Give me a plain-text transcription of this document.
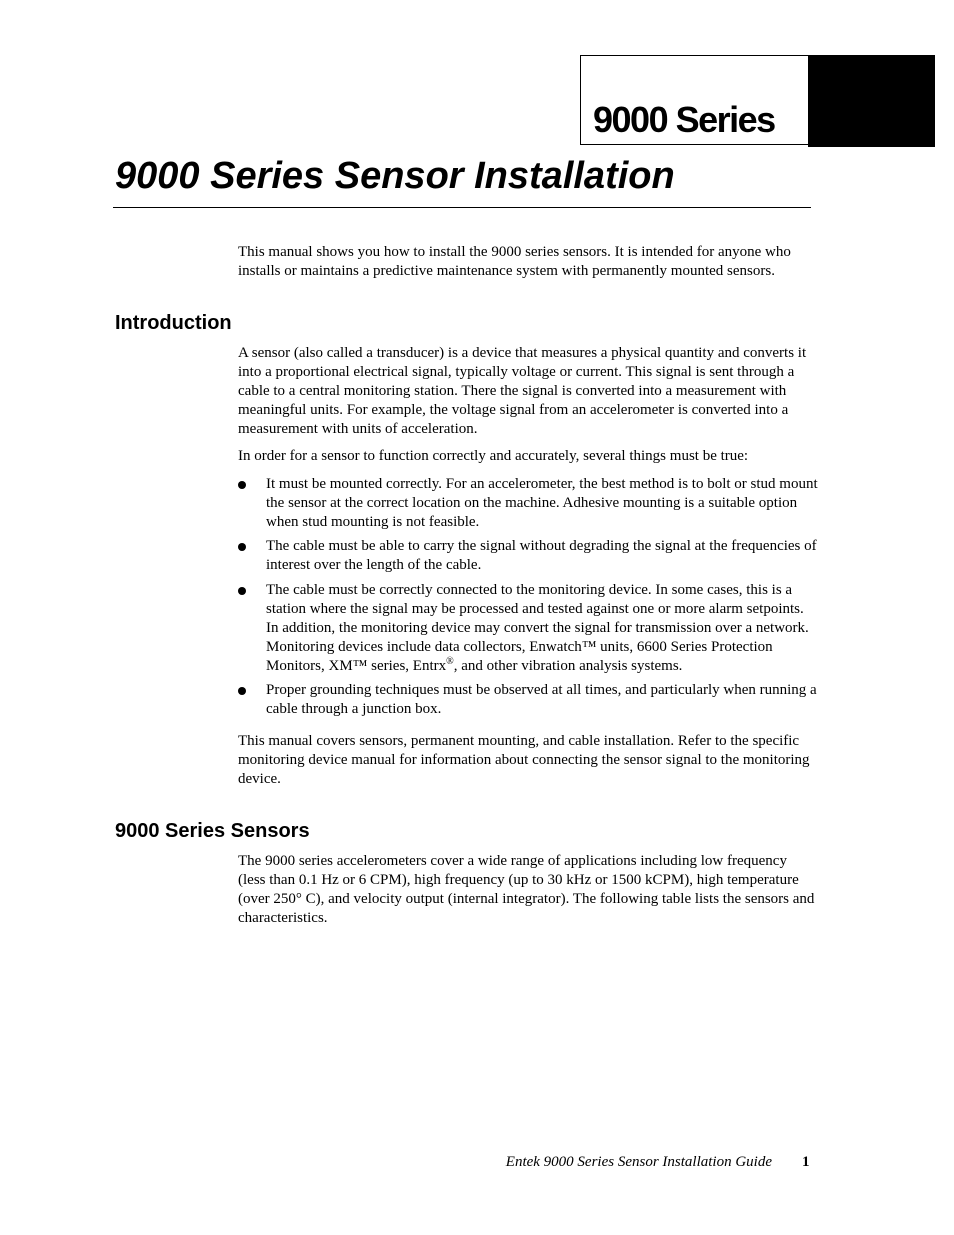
9000 Series
9000 Series Sensor Installation

This manual shows you how to install the 9000 series sensors. It is intended for anyone who installs or maintains a predictive maintenance system with permanently mounted sensors.

Introduction

A sensor (also called a transducer) is a device that measures a physical quantity and converts it into a proportional electrical signal, typically voltage or current. This signal is sent through a cable to a central monitoring station. There the signal is converted into a measurement with meaningful units. For example, the voltage signal from an accelerometer is converted into a measurement with units of acceleration.

In order for a sensor to function correctly and accurately, several things must be true:

It must be mounted correctly. For an accelerometer, the best method is to bolt or stud mount the sensor at the correct location on the machine. Adhesive mounting is a suitable option when stud mounting is not feasible.
The cable must be able to carry the signal without degrading the signal at the frequencies of interest over the length of the cable.
The cable must be correctly connected to the monitoring device. In some cases, this is a station where the signal may be processed and tested against one or more alarm setpoints. In addition, the monitoring device may convert the signal for transmission over a network. Monitoring devices include data collectors, Enwatch™ units, 6600 Series Protection Monitors, XM™ series, Entrx®, and other vibration analysis systems.
Proper grounding techniques must be observed at all times, and particularly when running a cable through a junction box.

This manual covers sensors, permanent mounting, and cable installation. Refer to the specific monitoring device manual for information about connecting the sensor signal to the monitoring device.

9000 Series Sensors

The 9000 series accelerometers cover a wide range of applications including low frequency (less than 0.1 Hz or 6 CPM), high frequency (up to 30 kHz or 1500 kCPM), high temperature (over 250° C), and velocity output (internal integrator). The following table lists the sensors and characteristics.

Entek 9000 Series Sensor Installation Guide 1
